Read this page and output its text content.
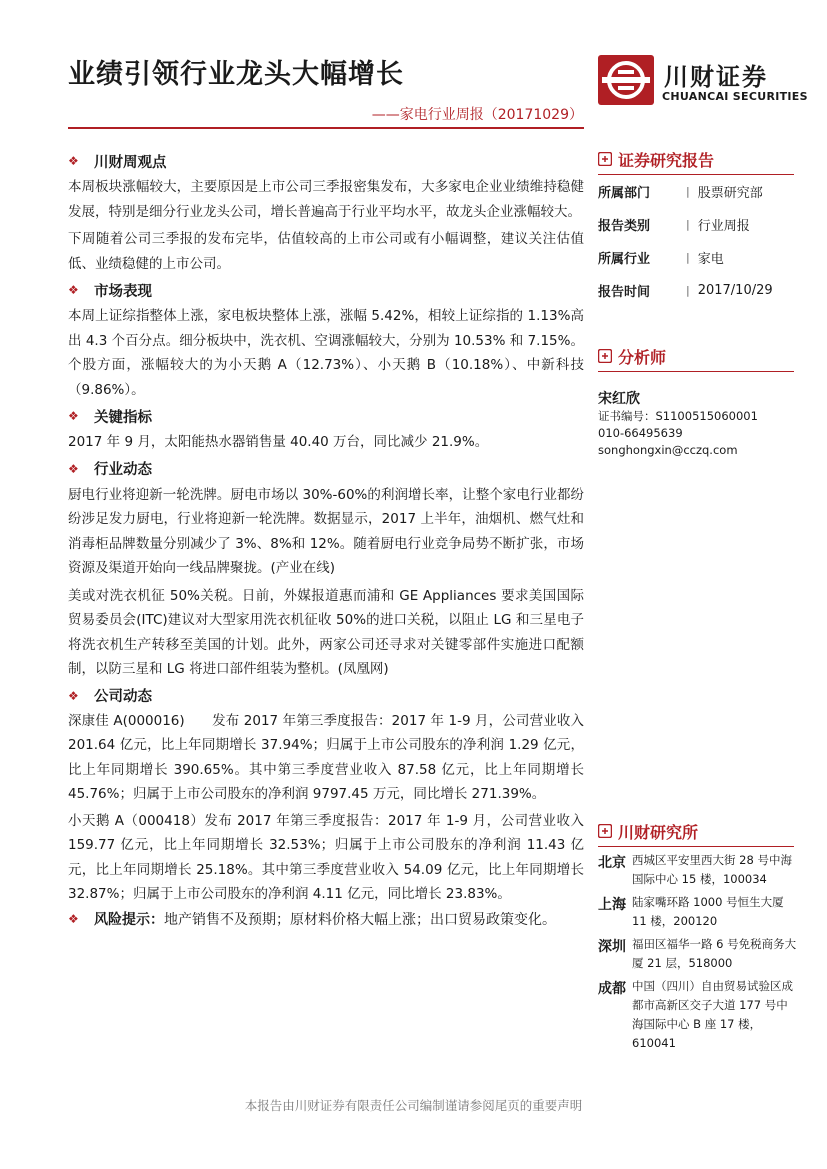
业绩引领行业龙头大幅增长
——家电行业周报（20171029）
川财证券
CHUANCAI SECURITIES
❖	川财周观点

本周板块涨幅较大，主要原因是上市公司三季报密集发布，大多家电企业业绩维持稳健发展，特别是细分行业龙头公司，增长普遍高于行业平均水平，故龙头企业涨幅较大。

下周随着公司三季报的发布完毕，估值较高的上市公司或有小幅调整，建议关注估值低、业绩稳健的上市公司。

❖	市场表现

本周上证综指整体上涨，家电板块整体上涨，涨幅 5.42%，相较上证综指的 1.13%高出 4.3 个百分点。细分板块中，洗衣机、空调涨幅较大，分别为 10.53% 和 7.15%。个股方面，涨幅较大的为小天鹅 A（12.73%）、小天鹅 B（10.18%）、中新科技（9.86%）。

❖	关键指标

2017 年 9 月，太阳能热水器销售量 40.40 万台，同比减少 21.9%。

❖	行业动态

厨电行业将迎新一轮洗牌。厨电市场以 30%-60%的利润增长率，让整个家电行业都纷纷涉足发力厨电，行业将迎新一轮洗牌。数据显示，2017 上半年，油烟机、燃气灶和消毒柜品牌数量分别减少了 3%、8%和 12%。随着厨电行业竞争局势不断扩张，市场资源及渠道开始向一线品牌聚拢。(产业在线)

美或对洗衣机征 50%关税。日前，外媒报道惠而浦和 GE Appliances 要求美国国际贸易委员会(ITC)建议对大型家用洗衣机征收 50%的进口关税，以阻止 LG 和三星电子将洗衣机生产转移至美国的计划。此外，两家公司还寻求对关键零部件实施进口配额制，以防三星和 LG 将进口部件组装为整机。(凤凰网)

❖	公司动态

深康佳 A(000016)　　发布 2017 年第三季度报告：2017 年 1-9 月，公司营业收入 201.64 亿元，比上年同期增长 37.94%；归属于上市公司股东的净利润 1.29 亿元，比上年同期增长 390.65%。其中第三季度营业收入 87.58 亿元，比上年同期增长 45.76%；归属于上市公司股东的净利润 9797.45 万元，同比增长 271.39%。

小天鹅 A（000418）发布 2017 年第三季度报告：2017 年 1-9 月，公司营业收入 159.77 亿元，比上年同期增长 32.53%；归属于上市公司股东的净利润 11.43 亿元，比上年同期增长 25.18%。其中第三季度营业收入 54.09 亿元，比上年同期增长 32.87%；归属于上市公司股东的净利润 4.11 亿元，同比增长 23.83%。

❖	风险提示： 地产销售不及预期；原材料价格大幅上涨；出口贸易政策变化。
证券研究报告
所属部门	| 股票研究部
报告类别	| 行业周报
所属行业	| 家电
报告时间	| 2017/10/29
分析师
宋红欣
证书编号：S1100515060001
010-66495639
songhongxin@cczq.com
川财研究所
北京 西城区平安里西大街 28 号中海国际中心 15 楼，100034
上海 陆家嘴环路 1000 号恒生大厦 11 楼，200120
深圳 福田区福华一路 6 号免税商务大厦 21 层，518000
成都 中国（四川）自由贸易试验区成都市高新区交子大道 177 号中海国际中心 B 座 17 楼，610041
本报告由川财证券有限责任公司编制谨请参阅尾页的重要声明
